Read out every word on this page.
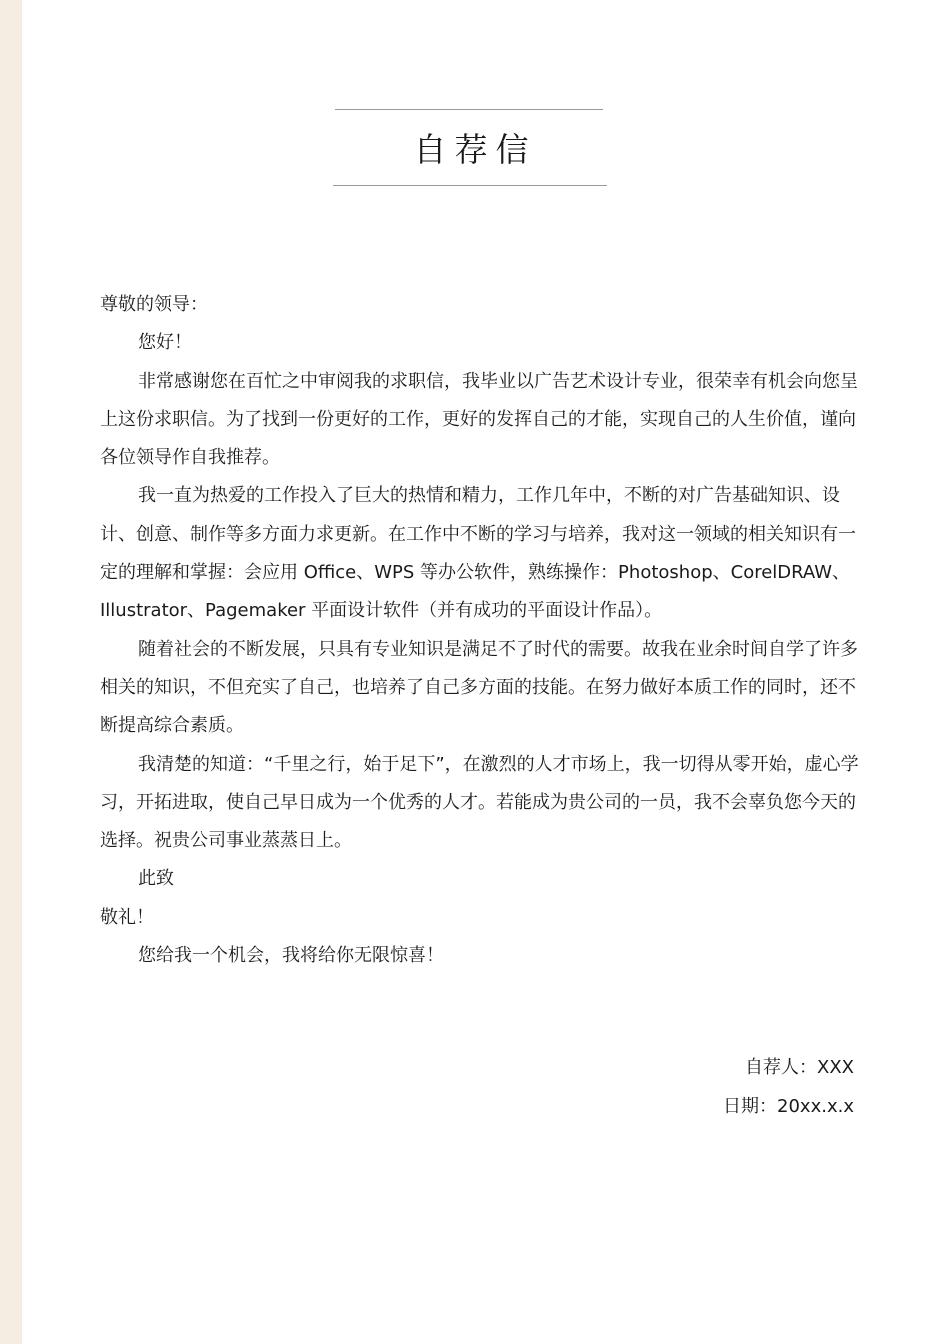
自荐信

尊敬的领导：

您好！

非常感谢您在百忙之中审阅我的求职信，我毕业以广告艺术设计专业，很荣幸有机会向您呈上这份求职信。为了找到一份更好的工作，更好的发挥自己的才能，实现自己的人生价值，谨向各位领导作自我推荐。

我一直为热爱的工作投入了巨大的热情和精力，工作几年中，不断的对广告基础知识、设计、创意、制作等多方面力求更新。在工作中不断的学习与培养，我对这一领域的相关知识有一定的理解和掌握：会应用 Office、WPS 等办公软件，熟练操作：Photoshop、CorelDRAW、Illustrator、Pagemaker 平面设计软件（并有成功的平面设计作品）。

随着社会的不断发展，只具有专业知识是满足不了时代的需要。故我在业余时间自学了许多相关的知识，不但充实了自己，也培养了自己多方面的技能。在努力做好本质工作的同时，还不断提高综合素质。

我清楚的知道：“千里之行，始于足下”，在激烈的人才市场上，我一切得从零开始，虚心学习，开拓进取，使自己早日成为一个优秀的人才。若能成为贵公司的一员，我不会辜负您今天的选择。祝贵公司事业蒸蒸日上。

此致

敬礼！

您给我一个机会，我将给你无限惊喜！

自荐人：XXX
日期：20xx.x.x
